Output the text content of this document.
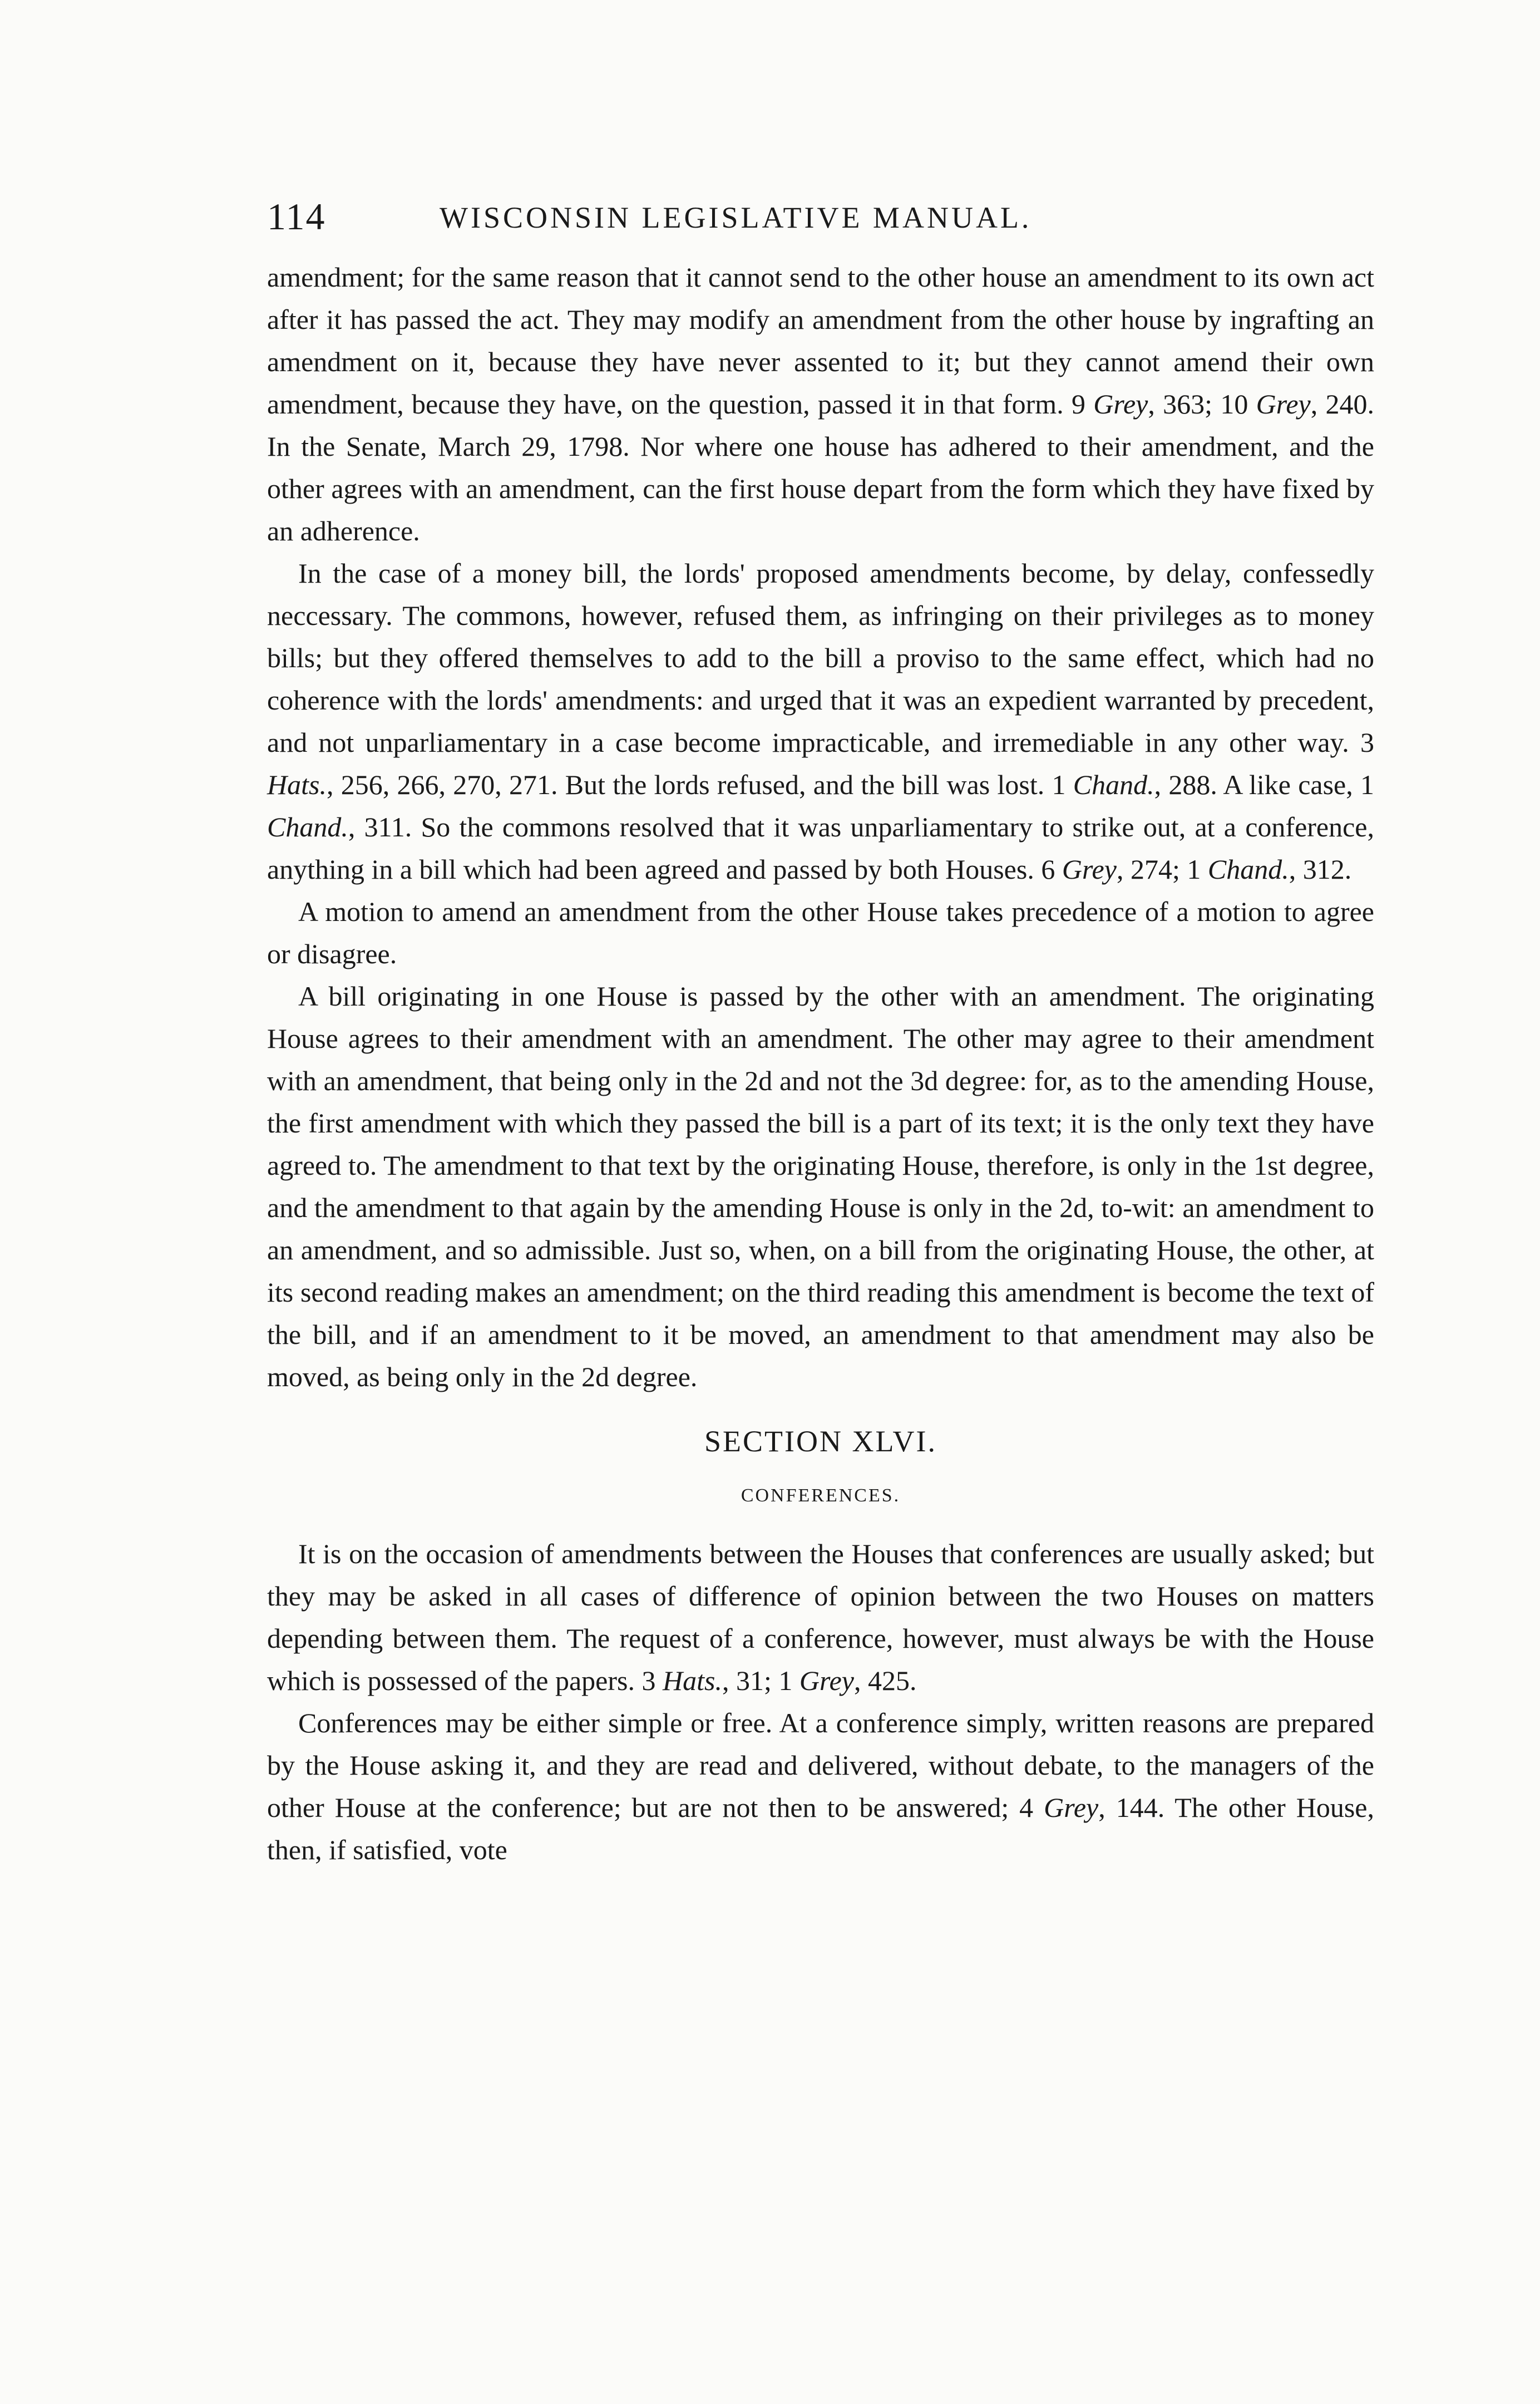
114	WISCONSIN LEGISLATIVE MANUAL.

amendment; for the same reason that it cannot send to the other house an amendment to its own act after it has passed the act. They may modify an amendment from the other house by ingrafting an amendment on it, because they have never assented to it; but they cannot amend their own amendment, because they have, on the question, passed it in that form. 9 Grey, 363; 10 Grey, 240. In the Senate, March 29, 1798. Nor where one house has adhered to their amendment, and the other agrees with an amendment, can the first house depart from the form which they have fixed by an adherence.

In the case of a money bill, the lords' proposed amendments become, by delay, confessedly neccessary. The commons, however, refused them, as infringing on their privileges as to money bills; but they offered themselves to add to the bill a proviso to the same effect, which had no coherence with the lords' amendments: and urged that it was an expedient warranted by precedent, and not unparliamentary in a case become impracticable, and irremediable in any other way. 3 Hats., 256, 266, 270, 271. But the lords refused, and the bill was lost. 1 Chand., 288. A like case, 1 Chand., 311. So the commons resolved that it was unparliamentary to strike out, at a conference, anything in a bill which had been agreed and passed by both Houses. 6 Grey, 274; 1 Chand., 312.

A motion to amend an amendment from the other House takes precedence of a motion to agree or disagree.

A bill originating in one House is passed by the other with an amendment. The originating House agrees to their amendment with an amendment. The other may agree to their amendment with an amendment, that being only in the 2d and not the 3d degree: for, as to the amending House, the first amendment with which they passed the bill is a part of its text; it is the only text they have agreed to. The amendment to that text by the originating House, therefore, is only in the 1st degree, and the amendment to that again by the amending House is only in the 2d, to-wit: an amendment to an amendment, and so admissible. Just so, when, on a bill from the originating House, the other, at its second reading makes an amendment; on the third reading this amendment is become the text of the bill, and if an amendment to it be moved, an amendment to that amendment may also be moved, as being only in the 2d degree.

SECTION XLVI.
CONFERENCES.

It is on the occasion of amendments between the Houses that conferences are usually asked; but they may be asked in all cases of difference of opinion between the two Houses on matters depending between them. The request of a conference, however, must always be with the House which is possessed of the papers. 3 Hats., 31; 1 Grey, 425.

Conferences may be either simple or free. At a conference simply, written reasons are prepared by the House asking it, and they are read and delivered, without debate, to the managers of the other House at the conference; but are not then to be answered; 4 Grey, 144. The other House, then, if satisfied, vote
